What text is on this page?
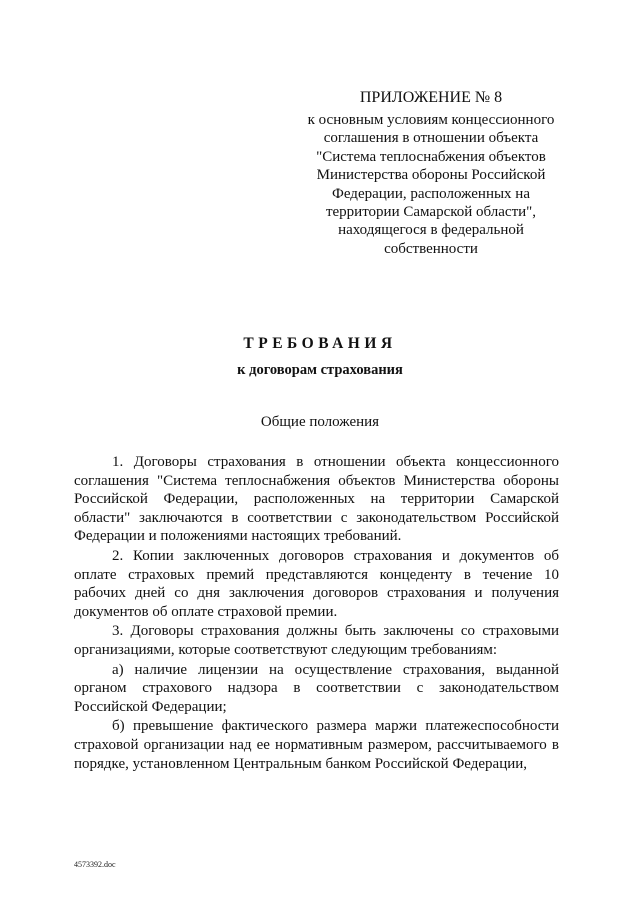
ПРИЛОЖЕНИЕ № 8
к основным условиям концессионного
соглашения в отношении объекта
"Система теплоснабжения объектов
Министерства обороны Российской
Федерации, расположенных на
территории Самарской области",
находящегося в федеральной
собственности
ТРЕБОВАНИЯ
к договорам страхования
Общие положения

1. Договоры страхования в отношении объекта концессионного соглашения "Система теплоснабжения объектов Министерства обороны Российской Федерации, расположенных на территории Самарской области" заключаются в соответствии с законодательством Российской Федерации и положениями настоящих требований.

2. Копии заключенных договоров страхования и документов об оплате страховых премий представляются концеденту в течение 10 рабочих дней со дня заключения договоров страхования и получения документов об оплате страховой премии.

3. Договоры страхования должны быть заключены со страховыми организациями, которые соответствуют следующим требованиям:

а) наличие лицензии на осуществление страхования, выданной органом страхового надзора в соответствии с законодательством Российской Федерации;

б) превышение фактического размера маржи платежеспособности страховой организации над ее нормативным размером, рассчитываемого в порядке, установленном Центральным банком Российской Федерации,

4573392.doc
